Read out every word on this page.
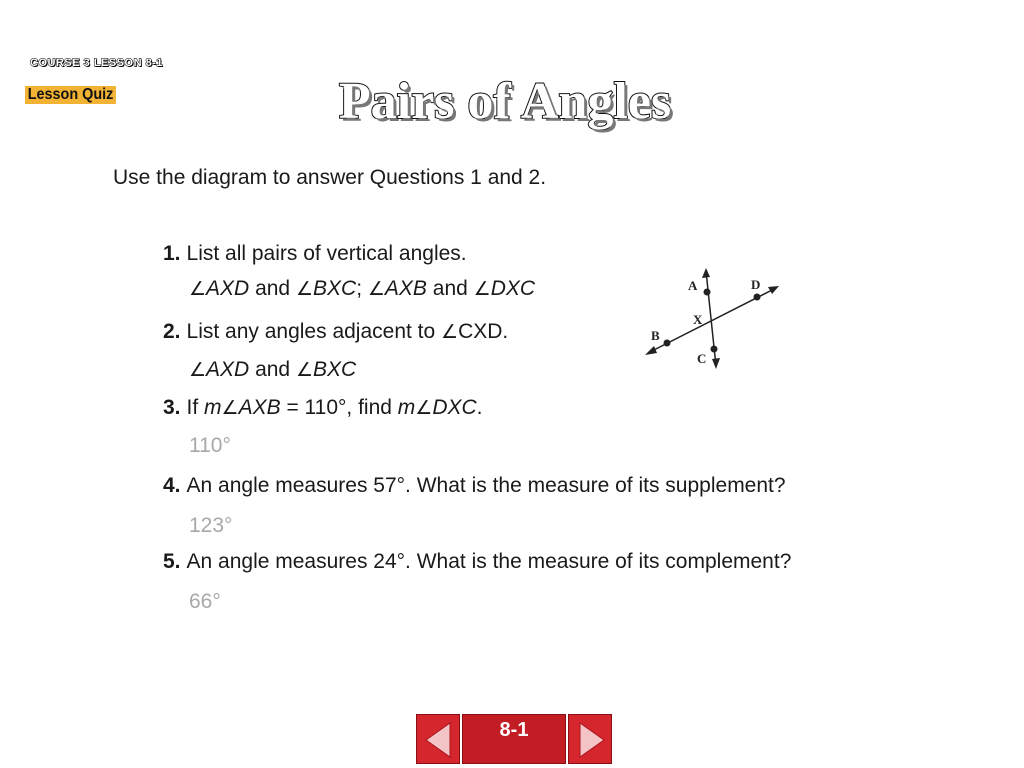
COURSE 3 LESSON 8-1
Lesson Quiz	Pairs of Angles
Use the diagram to answer Questions 1 and 2.
1. List all pairs of vertical angles.
∠AXD and ∠BXC; ∠AXB and ∠DXC
2. List any angles adjacent to ∠CXD.
∠AXD and ∠BXC
3. If m∠AXB = 110°, find m∠DXC.
110°
4. An angle measures 57°. What is the measure of its supplement?
123°
5. An angle measures 24°. What is the measure of its complement?
66°
A	D
X
B
C
8-1
